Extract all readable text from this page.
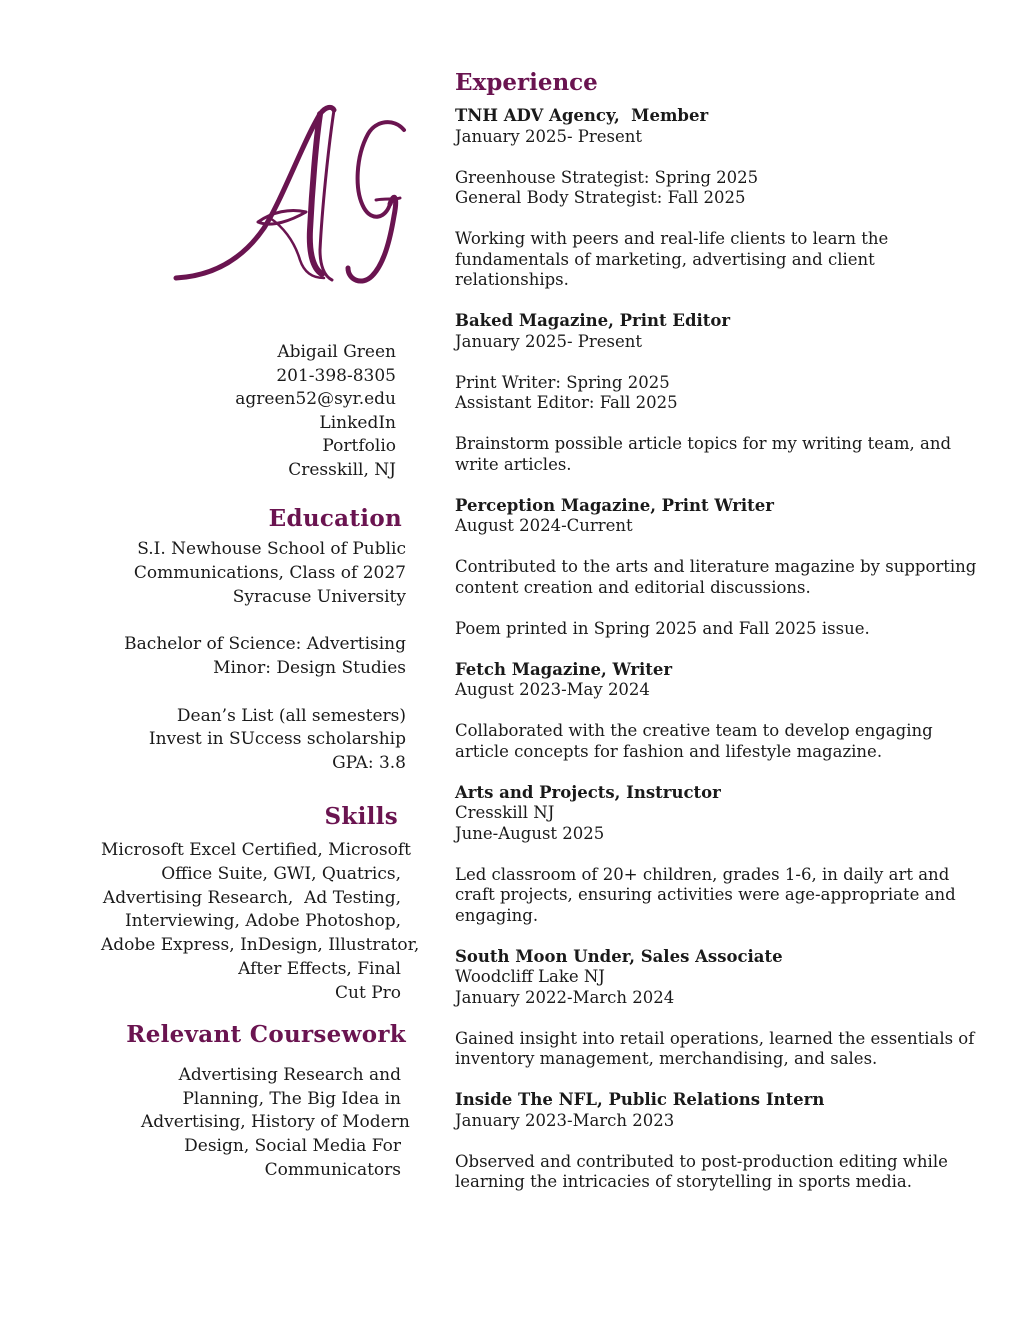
Abigail Green
201-398-8305
agreen52@syr.edu
LinkedIn
Portfolio
Cresskill, NJ
Education
S.I. Newhouse School of Public
Communications, Class of 2027
Syracuse University
Bachelor of Science: Advertising
Minor: Design Studies
Dean’s List (all semesters)
Invest in SUccess scholarship
GPA: 3.8
Skills
Microsoft Excel Certified, Microsoft
Office Suite, GWI, Quatrics,
Advertising Research,  Ad Testing,
Interviewing, Adobe Photoshop,
Adobe Express, InDesign, Illustrator,
After Effects, Final
Cut Pro
Relevant Coursework
Advertising Research and
Planning, The Big Idea in
Advertising, History of Modern
Design, Social Media For
Communicators
Experience
TNH ADV Agency,  Member
January 2025- Present
Greenhouse Strategist: Spring 2025
General Body Strategist: Fall 2025
Working with peers and real-life clients to learn the
fundamentals of marketing, advertising and client
relationships.
Baked Magazine, Print Editor
January 2025- Present
Print Writer: Spring 2025
Assistant Editor: Fall 2025
Brainstorm possible article topics for my writing team, and
write articles.
Perception Magazine, Print Writer
August 2024-Current
Contributed to the arts and literature magazine by supporting
content creation and editorial discussions.
Poem printed in Spring 2025 and Fall 2025 issue.
Fetch Magazine, Writer
August 2023-May 2024
Collaborated with the creative team to develop engaging
article concepts for fashion and lifestyle magazine.
Arts and Projects, Instructor
Cresskill NJ
June-August 2025
Led classroom of 20+ children, grades 1-6, in daily art and
craft projects, ensuring activities were age-appropriate and
engaging.
South Moon Under, Sales Associate
Woodcliff Lake NJ
January 2022-March 2024
Gained insight into retail operations, learned the essentials of
inventory management, merchandising, and sales.
Inside The NFL, Public Relations Intern
January 2023-March 2023
Observed and contributed to post-production editing while
learning the intricacies of storytelling in sports media.
